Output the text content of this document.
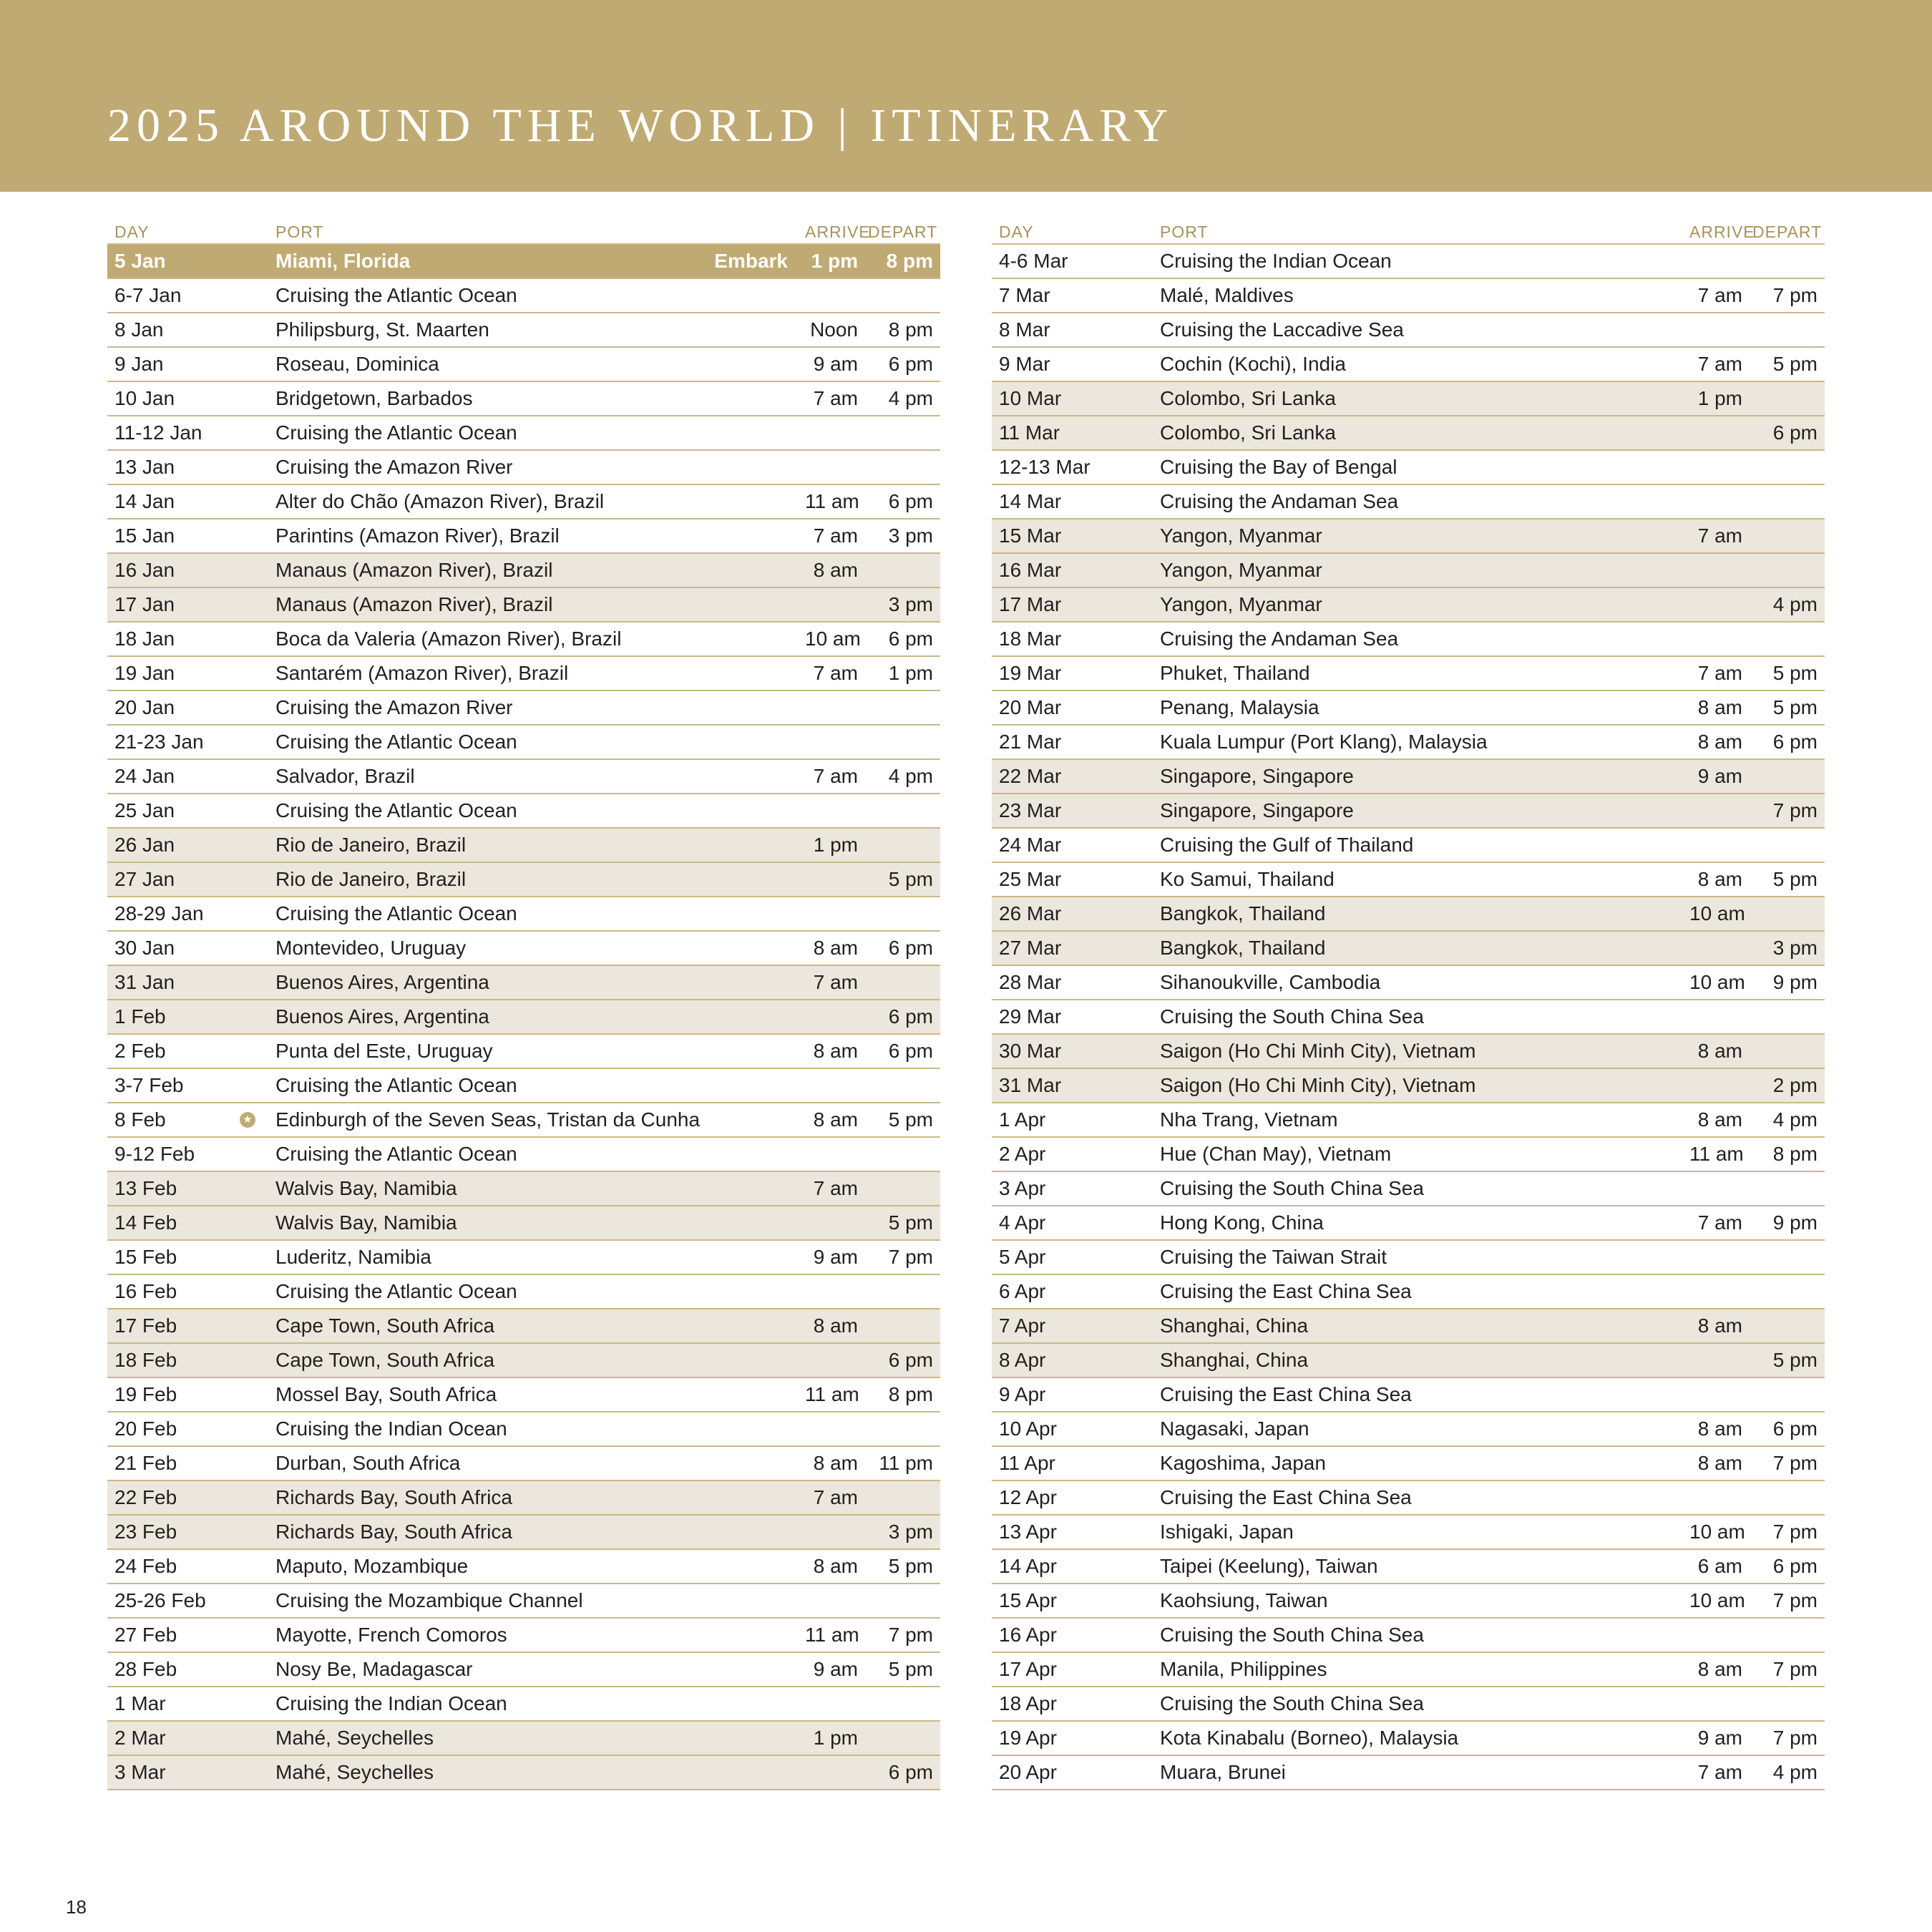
2025 AROUND THE WORLD | ITINERARY
DAY	PORT	ARRIVE	DEPART
5 Jan	Miami, Florida Embark	1 pm	8 pm
6-7 Jan	Cruising the Atlantic Ocean		
8 Jan	Philipsburg, St. Maarten	Noon	8 pm
9 Jan	Roseau, Dominica	9 am	6 pm
10 Jan	Bridgetown, Barbados	7 am	4 pm
11-12 Jan	Cruising the Atlantic Ocean		
13 Jan	Cruising the Amazon River		
14 Jan	Alter do Chão (Amazon River), Brazil	11 am	6 pm
15 Jan	Parintins (Amazon River), Brazil	7 am	3 pm
16 Jan	Manaus (Amazon River), Brazil	8 am	
17 Jan	Manaus (Amazon River), Brazil		3 pm
18 Jan	Boca da Valeria (Amazon River), Brazil	10 am	6 pm
19 Jan	Santarém (Amazon River), Brazil	7 am	1 pm
20 Jan	Cruising the Amazon River		
21-23 Jan	Cruising the Atlantic Ocean		
24 Jan	Salvador, Brazil	7 am	4 pm
25 Jan	Cruising the Atlantic Ocean		
26 Jan	Rio de Janeiro, Brazil	1 pm	
27 Jan	Rio de Janeiro, Brazil		5 pm
28-29 Jan	Cruising the Atlantic Ocean		
30 Jan	Montevideo, Uruguay	8 am	6 pm
31 Jan	Buenos Aires, Argentina	7 am	
1 Feb	Buenos Aires, Argentina		6 pm
2 Feb	Punta del Este, Uruguay	8 am	6 pm
3-7 Feb	Cruising the Atlantic Ocean		

8 Feb ★	Edinburgh of the Seven Seas, Tristan da Cunha	8 am	5 pm
9-12 Feb	Cruising the Atlantic Ocean		
13 Feb	Walvis Bay, Namibia	7 am	
14 Feb	Walvis Bay, Namibia		5 pm
15 Feb	Luderitz, Namibia	9 am	7 pm
16 Feb	Cruising the Atlantic Ocean		
17 Feb	Cape Town, South Africa	8 am	
18 Feb	Cape Town, South Africa		6 pm
19 Feb	Mossel Bay, South Africa	11 am	8 pm
20 Feb	Cruising the Indian Ocean		
21 Feb	Durban, South Africa	8 am	11 pm
22 Feb	Richards Bay, South Africa	7 am	
23 Feb	Richards Bay, South Africa		3 pm
24 Feb	Maputo, Mozambique	8 am	5 pm
25-26 Feb	Cruising the Mozambique Channel		
27 Feb	Mayotte, French Comoros	11 am	7 pm
28 Feb	Nosy Be, Madagascar	9 am	5 pm
1 Mar	Cruising the Indian Ocean		
2 Mar	Mahé, Seychelles	1 pm	
3 Mar	Mahé, Seychelles		6 pm
DAY	PORT	ARRIVE	DEPART
4-6 Mar	Cruising the Indian Ocean		
7 Mar	Malé, Maldives	7 am	7 pm
8 Mar	Cruising the Laccadive Sea		
9 Mar	Cochin (Kochi), India	7 am	5 pm
10 Mar	Colombo, Sri Lanka	1 pm	
11 Mar	Colombo, Sri Lanka		6 pm
12-13 Mar	Cruising the Bay of Bengal		
14 Mar	Cruising the Andaman Sea		
15 Mar	Yangon, Myanmar	7 am	
16 Mar	Yangon, Myanmar		
17 Mar	Yangon, Myanmar		4 pm
18 Mar	Cruising the Andaman Sea		
19 Mar	Phuket, Thailand	7 am	5 pm
20 Mar	Penang, Malaysia	8 am	5 pm
21 Mar	Kuala Lumpur (Port Klang), Malaysia	8 am	6 pm
22 Mar	Singapore, Singapore	9 am	
23 Mar	Singapore, Singapore		7 pm
24 Mar	Cruising the Gulf of Thailand		
25 Mar	Ko Samui, Thailand	8 am	5 pm
26 Mar	Bangkok, Thailand	10 am	
27 Mar	Bangkok, Thailand		3 pm
28 Mar	Sihanoukville, Cambodia	10 am	9 pm
29 Mar	Cruising the South China Sea		
30 Mar	Saigon (Ho Chi Minh City), Vietnam	8 am	
31 Mar	Saigon (Ho Chi Minh City), Vietnam		2 pm
1 Apr	Nha Trang, Vietnam	8 am	4 pm
2 Apr	Hue (Chan May), Vietnam	11 am	8 pm
3 Apr	Cruising the South China Sea		
4 Apr	Hong Kong, China	7 am	9 pm
5 Apr	Cruising the Taiwan Strait		
6 Apr	Cruising the East China Sea		
7 Apr	Shanghai, China	8 am	
8 Apr	Shanghai, China		5 pm
9 Apr	Cruising the East China Sea		
10 Apr	Nagasaki, Japan	8 am	6 pm
11 Apr	Kagoshima, Japan	8 am	7 pm
12 Apr	Cruising the East China Sea		
13 Apr	Ishigaki, Japan	10 am	7 pm
14 Apr	Taipei (Keelung), Taiwan	6 am	6 pm
15 Apr	Kaohsiung, Taiwan	10 am	7 pm
16 Apr	Cruising the South China Sea		
17 Apr	Manila, Philippines	8 am	7 pm
18 Apr	Cruising the South China Sea		
19 Apr	Kota Kinabalu (Borneo), Malaysia	9 am	7 pm
20 Apr	Muara, Brunei	7 am	4 pm
18
